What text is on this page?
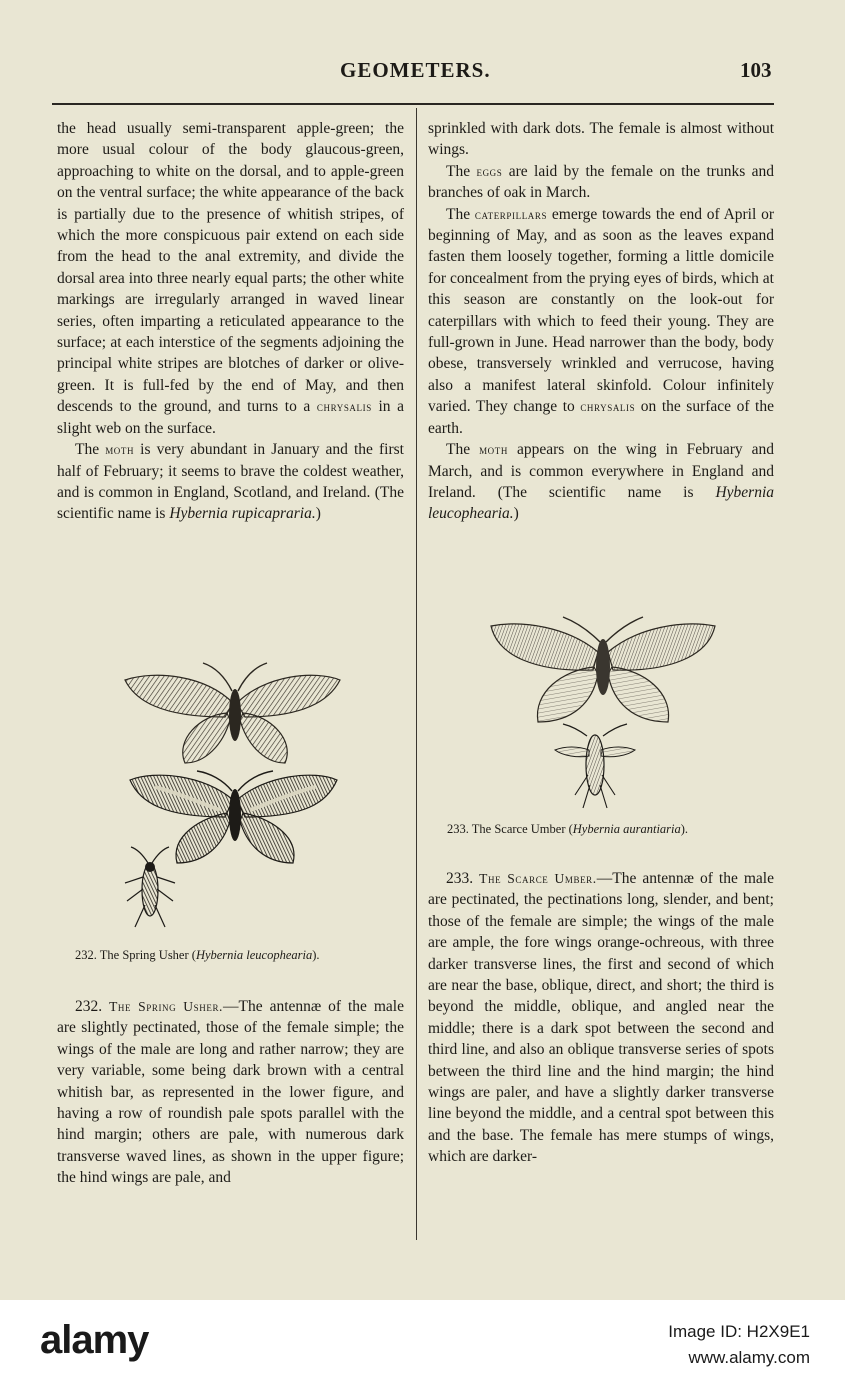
GEOMETERS.	103

the head usually semi-transparent apple-green; the more usual colour of the body glaucous-green, approaching to white on the dorsal, and to apple-green on the ventral surface; the white appearance of the back is partially due to the presence of whitish stripes, of which the more conspicuous pair extend on each side from the head to the anal extremity, and divide the dorsal area into three nearly equal parts; the other white markings are irregularly arranged in waved linear series, often imparting a reticulated appearance to the surface; at each interstice of the segments adjoining the principal white stripes are blotches of darker or olive-green. It is full-fed by the end of May, and then descends to the ground, and turns to a chrysalis in a slight web on the surface.

The moth is very abundant in January and the first half of February; it seems to brave the coldest weather, and is common in England, Scotland, and Ireland. (The scientific name is Hybernia rupicapraria.)

232. The Spring Usher (Hybernia leucophearia).

232. The Spring Usher.—The antennæ of the male are slightly pectinated, those of the female simple; the wings of the male are long and rather narrow; they are very variable, some being dark brown with a central whitish bar, as represented in the lower figure, and having a row of roundish pale spots parallel with the hind margin; others are pale, with numerous dark transverse waved lines, as shown in the upper figure; the hind wings are pale, and

sprinkled with dark dots. The female is almost without wings.

The eggs are laid by the female on the trunks and branches of oak in March.

The caterpillars emerge towards the end of April or beginning of May, and as soon as the leaves expand fasten them loosely together, forming a little domicile for concealment from the prying eyes of birds, which at this season are constantly on the look-out for caterpillars with which to feed their young. They are full-grown in June. Head narrower than the body, body obese, transversely wrinkled and verrucose, having also a manifest lateral skinfold. Colour infinitely varied. They change to chrysalis on the surface of the earth.

The moth appears on the wing in February and March, and is common everywhere in England and Ireland. (The scientific name is Hybernia leucophearia.)

233. The Scarce Umber (Hybernia aurantiaria).

233. The Scarce Umber.—The antennæ of the male are pectinated, the pectinations long, slender, and bent; those of the female are simple; the wings of the male are ample, the fore wings orange-ochreous, with three darker transverse lines, the first and second of which are near the base, oblique, direct, and short; the third is beyond the middle, oblique, and angled near the middle; there is a dark spot between the second and third line, and also an oblique transverse series of spots between the third line and the hind margin; the hind wings are paler, and have a slightly darker transverse line beyond the middle, and a central spot between this and the base. The female has mere stumps of wings, which are darker-

alamy	Image ID: H2X9E1
www.alamy.com
